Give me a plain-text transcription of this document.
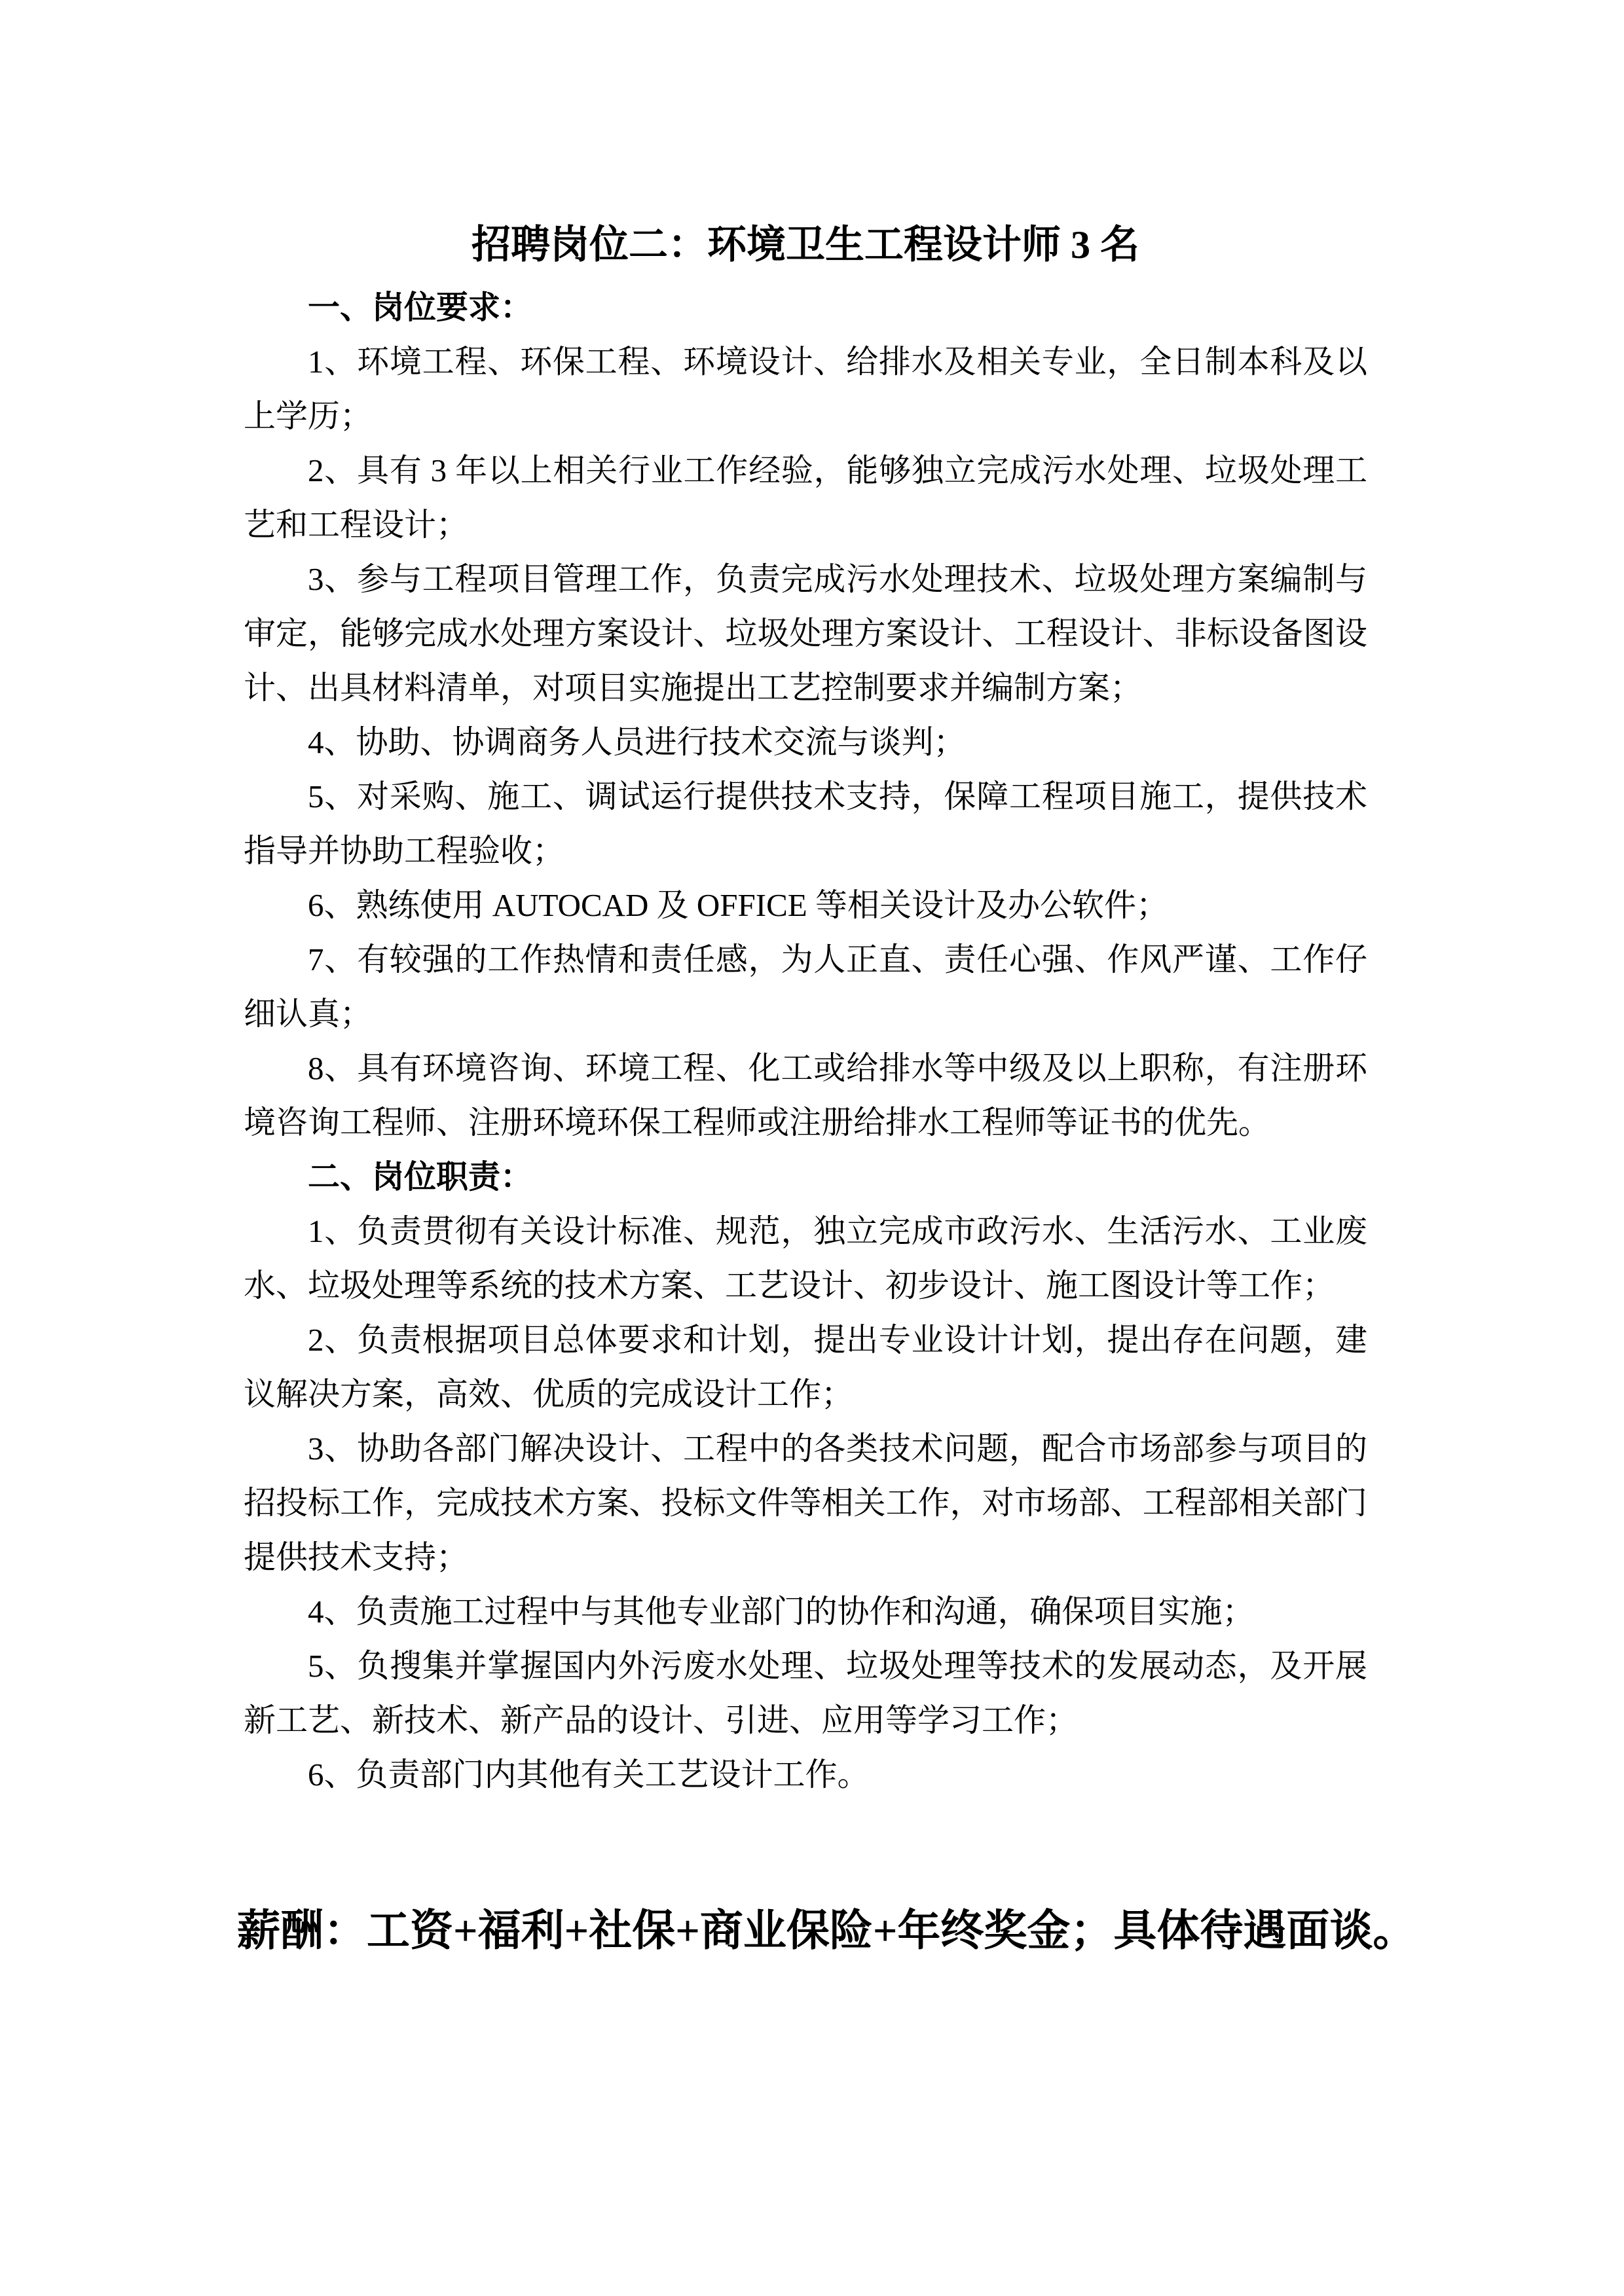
招聘岗位二：环境卫生工程设计师 3 名

一、岗位要求：

1、环境工程、环保工程、环境设计、给排水及相关专业，全日制本科及以上学历；

2、具有 3 年以上相关行业工作经验，能够独立完成污水处理、垃圾处理工艺和工程设计；

3、参与工程项目管理工作，负责完成污水处理技术、垃圾处理方案编制与审定，能够完成水处理方案设计、垃圾处理方案设计、工程设计、非标设备图设计、出具材料清单，对项目实施提出工艺控制要求并编制方案；

4、协助、协调商务人员进行技术交流与谈判；

5、对采购、施工、调试运行提供技术支持，保障工程项目施工，提供技术指导并协助工程验收；

6、熟练使用 AUTOCAD 及 OFFICE 等相关设计及办公软件；

7、有较强的工作热情和责任感，为人正直、责任心强、作风严谨、工作仔细认真；

8、具有环境咨询、环境工程、化工或给排水等中级及以上职称，有注册环境咨询工程师、注册环境环保工程师或注册给排水工程师等证书的优先。

二、岗位职责：

1、负责贯彻有关设计标准、规范，独立完成市政污水、生活污水、工业废水、垃圾处理等系统的技术方案、工艺设计、初步设计、施工图设计等工作；

2、负责根据项目总体要求和计划，提出专业设计计划，提出存在问题，建议解决方案，高效、优质的完成设计工作；

3、协助各部门解决设计、工程中的各类技术问题，配合市场部参与项目的招投标工作，完成技术方案、投标文件等相关工作，对市场部、工程部相关部门提供技术支持；

4、负责施工过程中与其他专业部门的协作和沟通，确保项目实施；

5、负搜集并掌握国内外污废水处理、垃圾处理等技术的发展动态，及开展新工艺、新技术、新产品的设计、引进、应用等学习工作；

6、负责部门内其他有关工艺设计工作。

薪酬：工资+福利+社保+商业保险+年终奖金；具体待遇面谈。
